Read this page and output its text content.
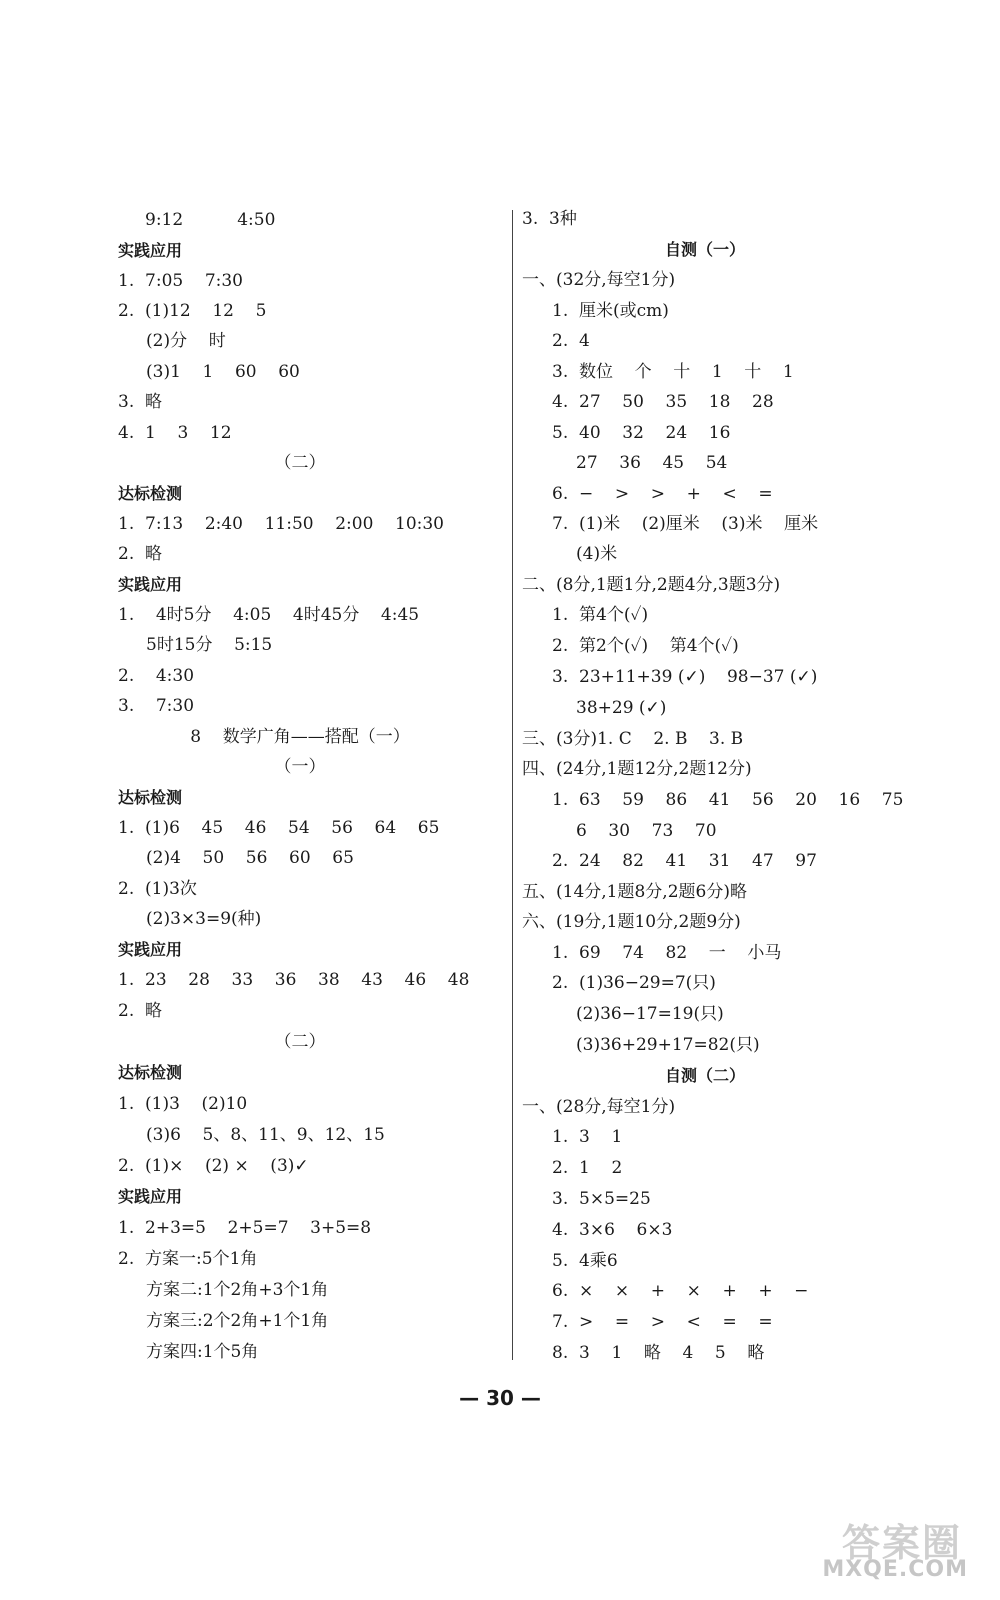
9:12          4:50
实践应用
1.  7:05    7:30
2.  (1)12    12    5
(2)分    时
(3)1    1    60    60
3.  略
4.  1    3    12
（二）
达标检测
1.  7:13    2:40    11:50    2:00    10:30
2.  略
实践应用
1.    4时5分    4:05    4时45分    4:45
5时15分    5:15
2.    4:30
3.    7:30
8    数学广角——搭配（一）
（一）
达标检测
1.  (1)6    45    46    54    56    64    65
(2)4    50    56    60    65
2.  (1)3次
(2)3×3=9(种)
实践应用
1.  23    28    33    36    38    43    46    48
2.  略
（二）
达标检测
1.  (1)3    (2)10
(3)6    5、8、11、9、12、15
2.  (1)×    (2) ×    (3)✓
实践应用
1.  2+3=5    2+5=7    3+5=8
2.  方案一:5个1角
方案二:1个2角+3个1角
方案三:2个2角+1个1角
方案四:1个5角
3.  3种
自测（一）
一、(32分,每空1分)
1.  厘米(或cm)
2.  4
3.  数位    个    十    1    十    1
4.  27    50    35    18    28
5.  40    32    24    16
27    36    45    54
6.  −    >    >    +    <    =
7.  (1)米    (2)厘米    (3)米    厘米
(4)米
二、(8分,1题1分,2题4分,3题3分)
1.  第4个(✓)
2.  第2个(✓)    第4个(✓)
3.  23+11+39 (✓)    98−37 (✓)
38+29 (✓)
三、(3分)1. C    2. B    3. B
四、(24分,1题12分,2题12分)
1.  63    59    86    41    56    20    16    75
6    30    73    70
2.  24    82    41    31    47    97
五、(14分,1题8分,2题6分)略
六、(19分,1题10分,2题9分)
1.  69    74    82    一    小马
2.  (1)36−29=7(只)
(2)36−17=19(只)
(3)36+29+17=82(只)
自测（二）
一、(28分,每空1分)
1.  3    1
2.  1    2
3.  5×5=25
4.  3×6    6×3
5.  4乘6
6.  ×    ×    +    ×    +    +    −
7.  >    =    >    <    =    =
8.  3    1    略    4    5    略
— 30 —
答案圈
MXQE.COM
